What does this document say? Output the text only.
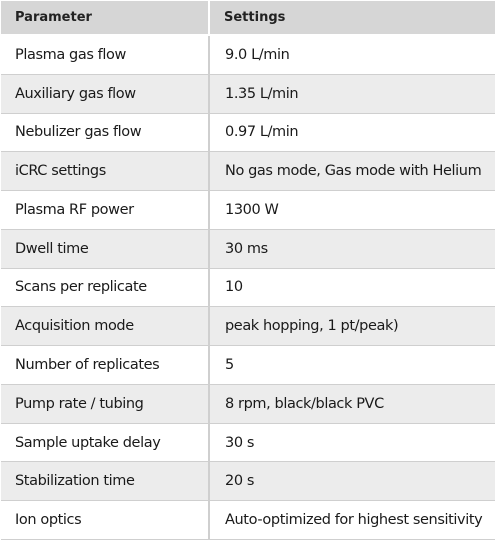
Parameter	Settings
Plasma gas flow	9.0 L/min
Auxiliary gas flow	1.35 L/min
Nebulizer gas flow	0.97 L/min
iCRC settings	No gas mode, Gas mode with Helium
Plasma RF power	1300 W
Dwell time	30 ms
Scans per replicate	10
Acquisition mode	peak hopping, 1 pt/peak)
Number of replicates	5
Pump rate / tubing	8 rpm, black/black PVC
Sample uptake delay	30 s
Stabilization time	20 s
Ion optics	Auto-optimized for highest sensitivity
